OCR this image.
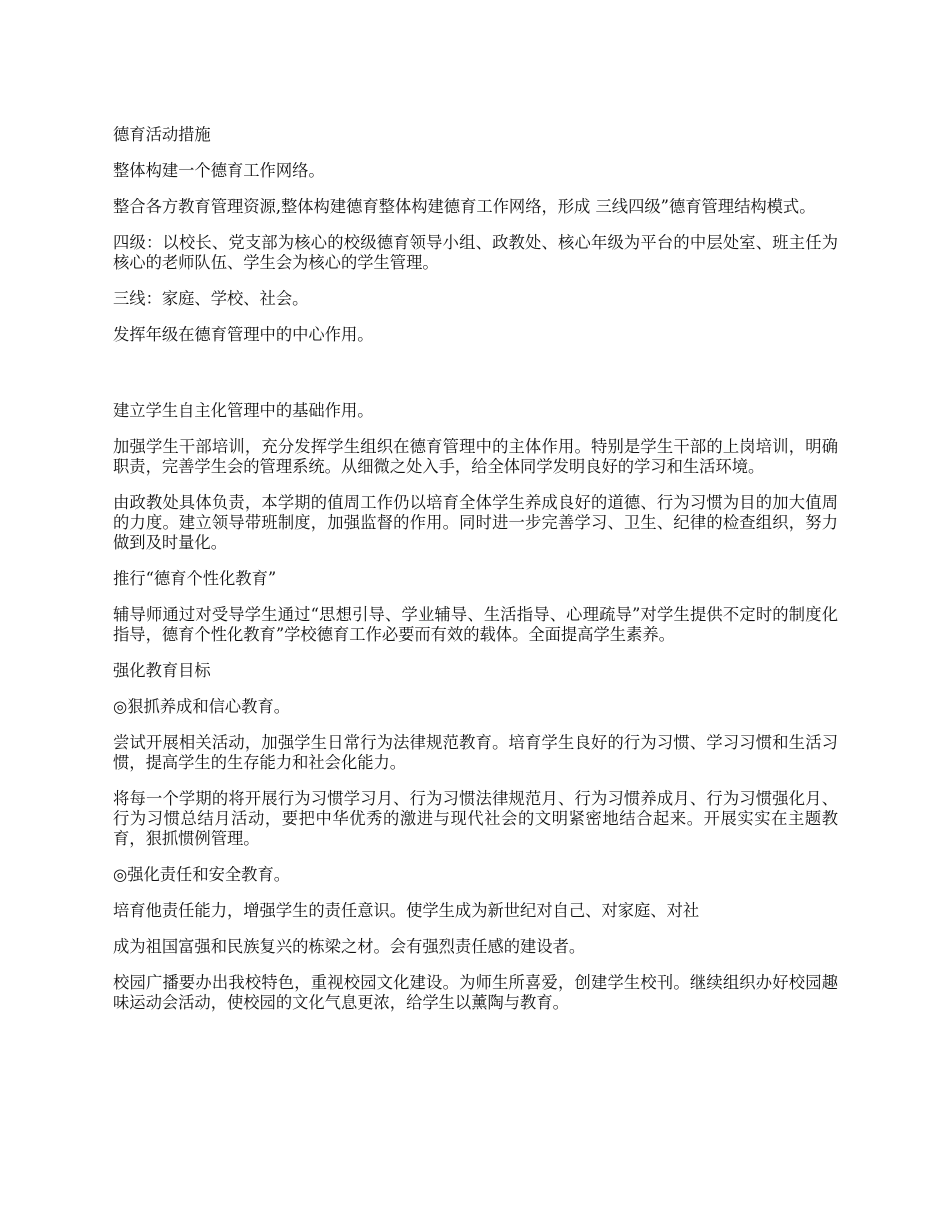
德育活动措施

整体构建一个德育工作网络。

整合各方教育管理资源,整体构建德育整体构建德育工作网络，形成 三线四级”德育管理结构模式。

四级：以校长、党支部为核心的校级德育领导小组、政教处、核心年级为平台的中层处室、班主任为核心的老师队伍、学生会为核心的学生管理。

三线：家庭、学校、社会。

发挥年级在德育管理中的中心作用。

建立学生自主化管理中的基础作用。

加强学生干部培训，充分发挥学生组织在德育管理中的主体作用。特别是学生干部的上岗培训，明确职责，完善学生会的管理系统。从细微之处入手，给全体同学发明良好的学习和生活环境。

由政教处具体负责，本学期的值周工作仍以培育全体学生养成良好的道德、行为习惯为目的加大值周的力度。建立领导带班制度，加强监督的作用。同时进一步完善学习、卫生、纪律的检查组织，努力做到及时量化。

推行“德育个性化教育”

辅导师通过对受导学生通过“思想引导、学业辅导、生活指导、心理疏导”对学生提供不定时的制度化指导，德育个性化教育”学校德育工作必要而有效的载体。全面提高学生素养。

强化教育目标

◎狠抓养成和信心教育。

尝试开展相关活动，加强学生日常行为法律规范教育。培育学生良好的行为习惯、学习习惯和生活习惯，提高学生的生存能力和社会化能力。

将每一个学期的将开展行为习惯学习月、行为习惯法律规范月、行为习惯养成月、行为习惯强化月、行为习惯总结月活动，要把中华优秀的激进与现代社会的文明紧密地结合起来。开展实实在主题教育，狠抓惯例管理。

◎强化责任和安全教育。

培育他责任能力，增强学生的责任意识。使学生成为新世纪对自己、对家庭、对社

成为祖国富强和民族复兴的栋梁之材。会有强烈责任感的建设者。

校园广播要办出我校特色，重视校园文化建设。为师生所喜爱，创建学生校刊。继续组织办好校园趣味运动会活动，使校园的文化气息更浓，给学生以薰陶与教育。
